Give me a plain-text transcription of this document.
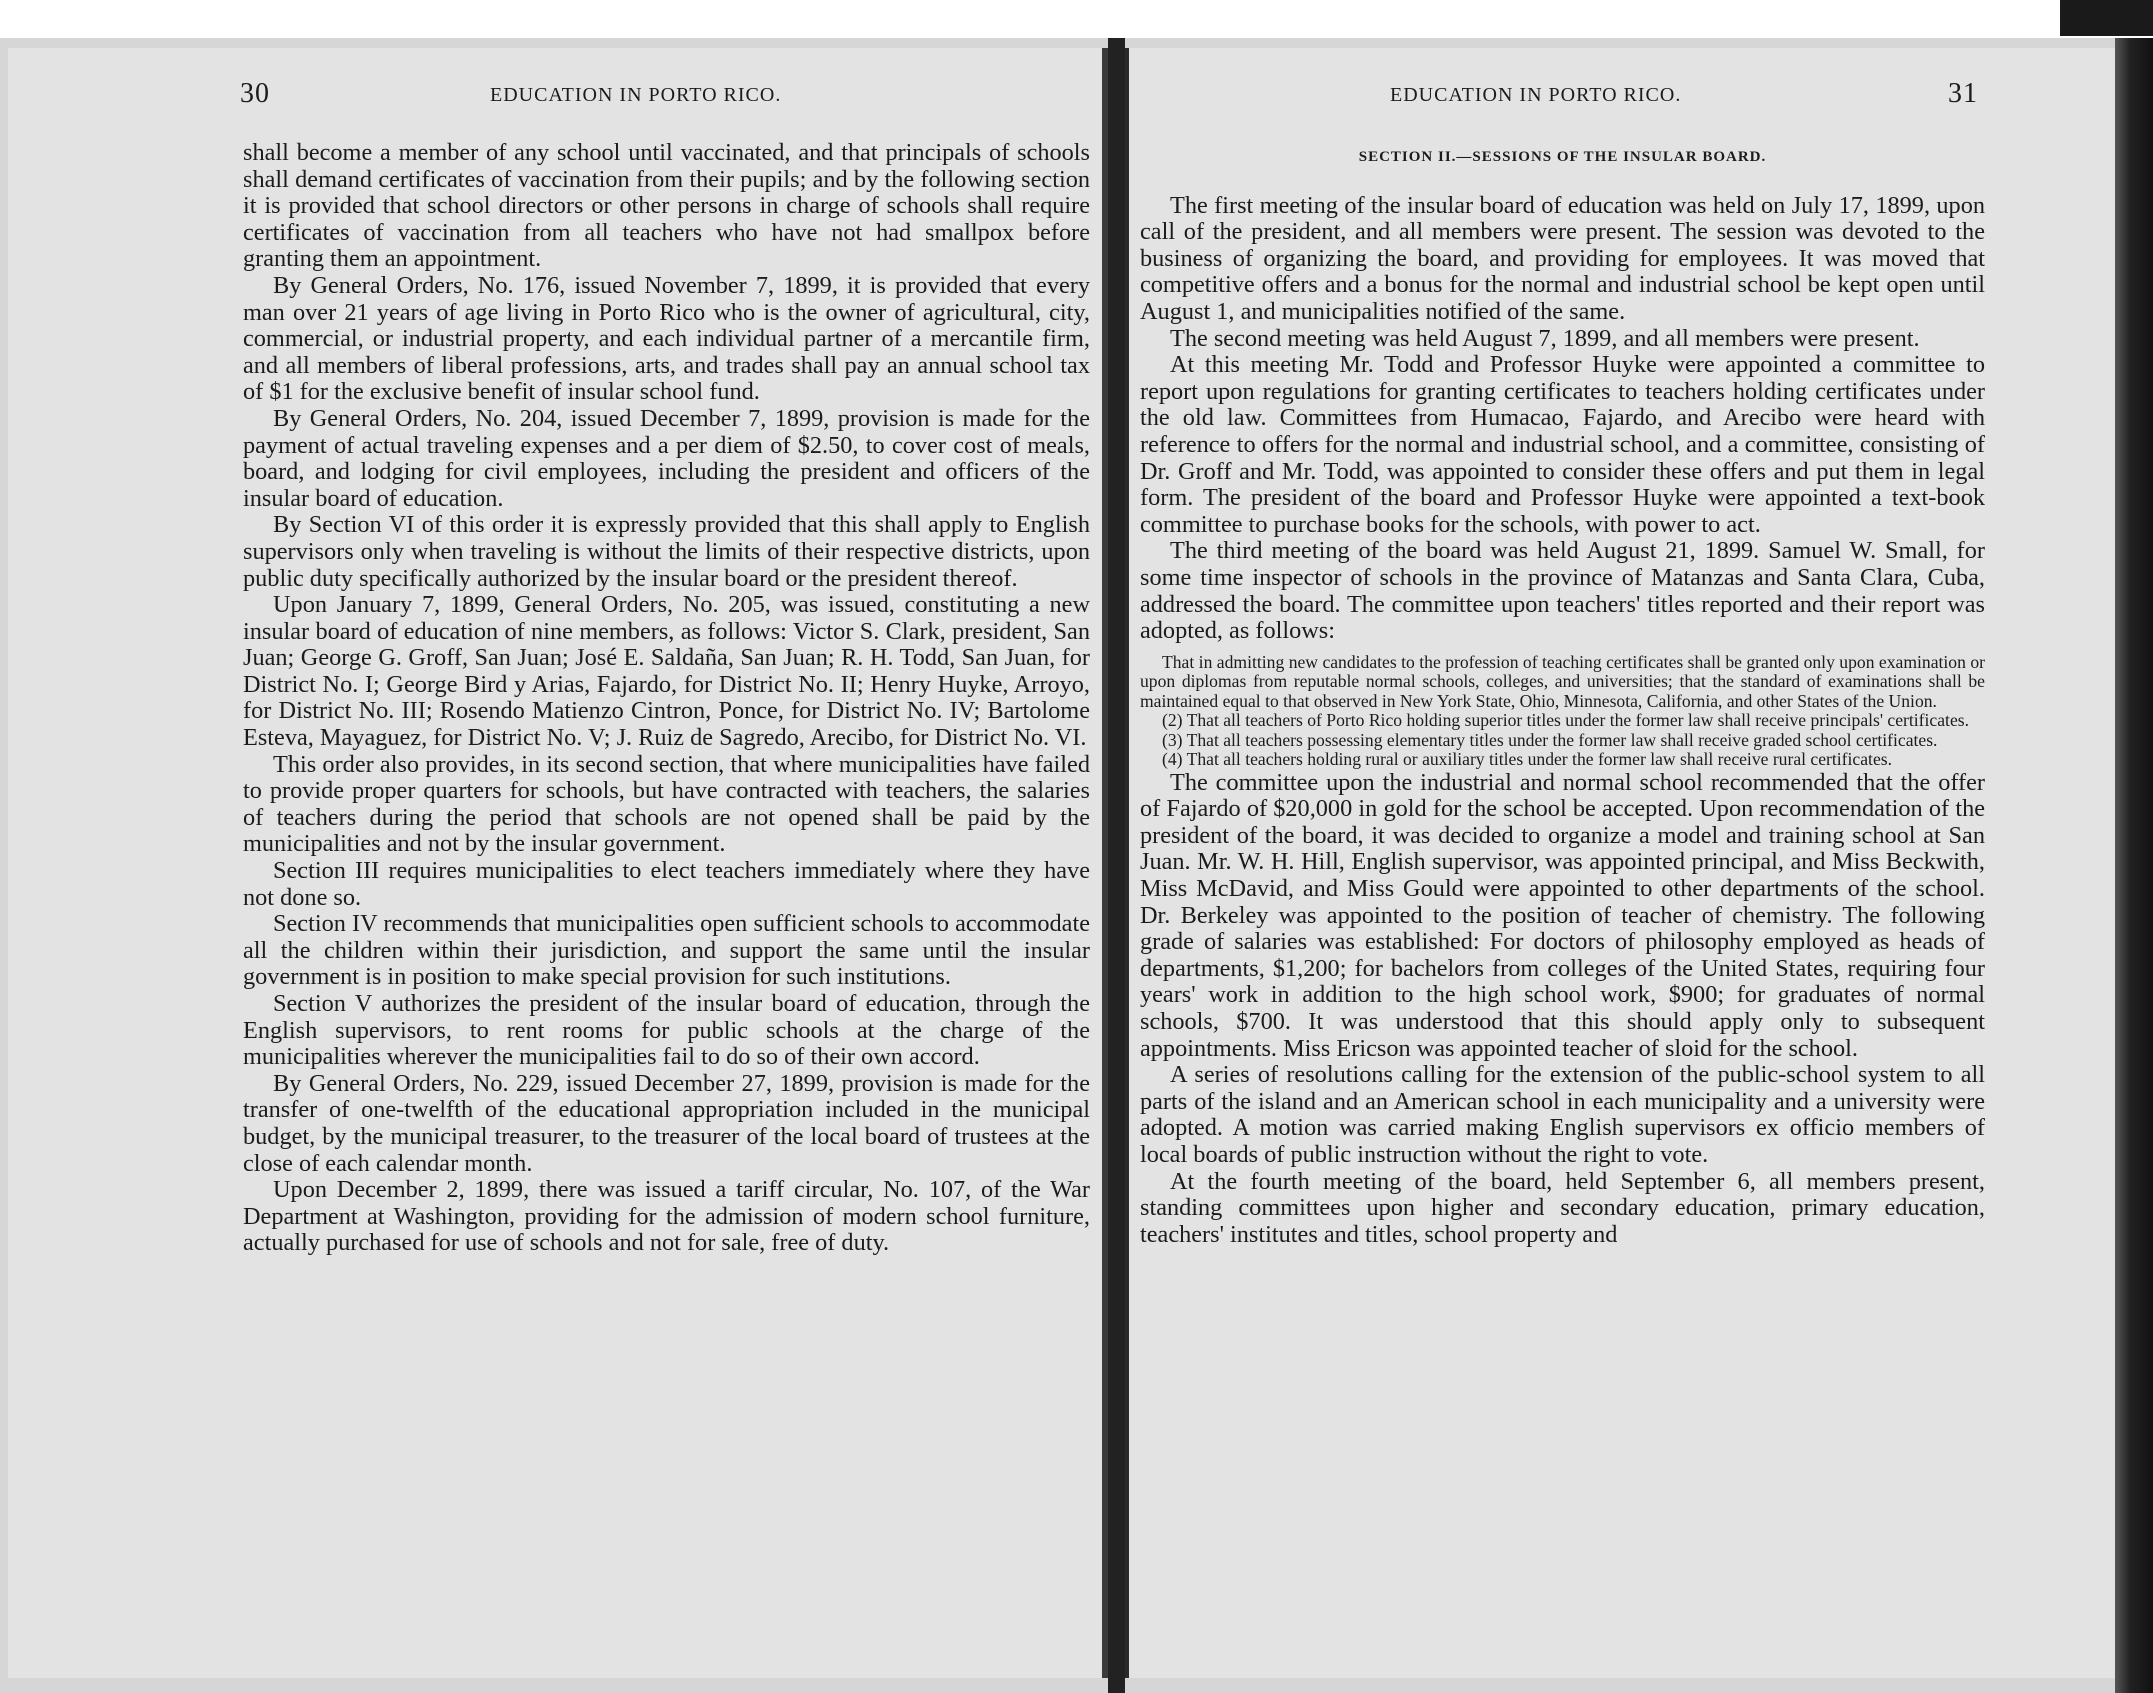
30	EDUCATION IN PORTO RICO.	EDUCATION IN PORTO RICO.	31

shall become a member of any school until vaccinated, and that principals of schools shall demand certificates of vaccination from their pupils; and by the following section it is provided that school directors or other persons in charge of schools shall require certificates of vaccination from all teachers who have not had smallpox before granting them an appointment.

By General Orders, No. 176, issued November 7, 1899, it is provided that every man over 21 years of age living in Porto Rico who is the owner of agricultural, city, commercial, or industrial property, and each individual partner of a mercantile firm, and all members of liberal professions, arts, and trades shall pay an annual school tax of $1 for the exclusive benefit of insular school fund.

By General Orders, No. 204, issued December 7, 1899, provision is made for the payment of actual traveling expenses and a per diem of $2.50, to cover cost of meals, board, and lodging for civil employees, including the president and officers of the insular board of education.

By Section VI of this order it is expressly provided that this shall apply to English supervisors only when traveling is without the limits of their respective districts, upon public duty specifically authorized by the insular board or the president thereof.

Upon January 7, 1899, General Orders, No. 205, was issued, constituting a new insular board of education of nine members, as follows: Victor S. Clark, president, San Juan; George G. Groff, San Juan; José E. Saldaña, San Juan; R. H. Todd, San Juan, for District No. I; George Bird y Arias, Fajardo, for District No. II; Henry Huyke, Arroyo, for District No. III; Rosendo Matienzo Cintron, Ponce, for District No. IV; Bartolome Esteva, Mayaguez, for District No. V; J. Ruiz de Sagredo, Arecibo, for District No. VI.

This order also provides, in its second section, that where municipalities have failed to provide proper quarters for schools, but have contracted with teachers, the salaries of teachers during the period that schools are not opened shall be paid by the municipalities and not by the insular government.

Section III requires municipalities to elect teachers immediately where they have not done so.

Section IV recommends that municipalities open sufficient schools to accommodate all the children within their jurisdiction, and support the same until the insular government is in position to make special provision for such institutions.

Section V authorizes the president of the insular board of education, through the English supervisors, to rent rooms for public schools at the charge of the municipalities wherever the municipalities fail to do so of their own accord.

By General Orders, No. 229, issued December 27, 1899, provision is made for the transfer of one-twelfth of the educational appropriation included in the municipal budget, by the municipal treasurer, to the treasurer of the local board of trustees at the close of each calendar month.

Upon December 2, 1899, there was issued a tariff circular, No. 107, of the War Department at Washington, providing for the admission of modern school furniture, actually purchased for use of schools and not for sale, free of duty.

SECTION II.—SESSIONS OF THE INSULAR BOARD.

The first meeting of the insular board of education was held on July 17, 1899, upon call of the president, and all members were present. The session was devoted to the business of organizing the board, and providing for employees. It was moved that competitive offers and a bonus for the normal and industrial school be kept open until August 1, and municipalities notified of the same.

The second meeting was held August 7, 1899, and all members were present.

At this meeting Mr. Todd and Professor Huyke were appointed a committee to report upon regulations for granting certificates to teachers holding certificates under the old law. Committees from Humacao, Fajardo, and Arecibo were heard with reference to offers for the normal and industrial school, and a committee, consisting of Dr. Groff and Mr. Todd, was appointed to consider these offers and put them in legal form. The president of the board and Professor Huyke were appointed a text-book committee to purchase books for the schools, with power to act.

The third meeting of the board was held August 21, 1899. Samuel W. Small, for some time inspector of schools in the province of Matanzas and Santa Clara, Cuba, addressed the board. The committee upon teachers' titles reported and their report was adopted, as follows:

That in admitting new candidates to the profession of teaching certificates shall be granted only upon examination or upon diplomas from reputable normal schools, colleges, and universities; that the standard of examinations shall be maintained equal to that observed in New York State, Ohio, Minnesota, California, and other States of the Union.

(2) That all teachers of Porto Rico holding superior titles under the former law shall receive principals' certificates.

(3) That all teachers possessing elementary titles under the former law shall receive graded school certificates.

(4) That all teachers holding rural or auxiliary titles under the former law shall receive rural certificates.

The committee upon the industrial and normal school recommended that the offer of Fajardo of $20,000 in gold for the school be accepted. Upon recommendation of the president of the board, it was decided to organize a model and training school at San Juan. Mr. W. H. Hill, English supervisor, was appointed principal, and Miss Beckwith, Miss McDavid, and Miss Gould were appointed to other departments of the school. Dr. Berkeley was appointed to the position of teacher of chemistry. The following grade of salaries was established: For doctors of philosophy employed as heads of departments, $1,200; for bachelors from colleges of the United States, requiring four years' work in addition to the high school work, $900; for graduates of normal schools, $700. It was understood that this should apply only to subsequent appointments. Miss Ericson was appointed teacher of sloid for the school.

A series of resolutions calling for the extension of the public-school system to all parts of the island and an American school in each municipality and a university were adopted. A motion was carried making English supervisors ex officio members of local boards of public instruction without the right to vote.

At the fourth meeting of the board, held September 6, all members present, standing committees upon higher and secondary education, primary education, teachers' institutes and titles, school property and
